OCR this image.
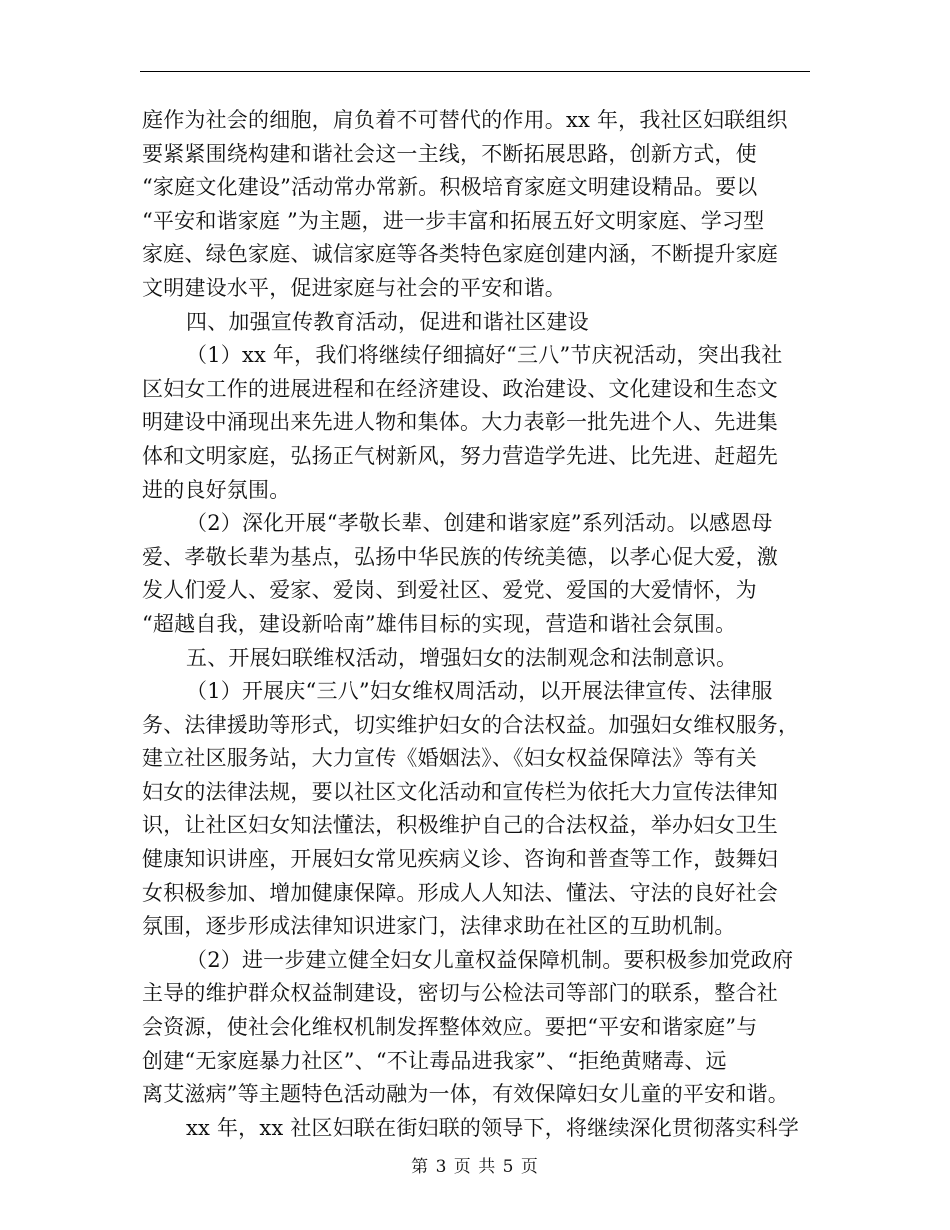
庭作为社会的细胞，肩负着不可替代的作用。xx 年，我社区妇联组织
要紧紧围绕构建和谐社会这一主线，不断拓展思路，创新方式，使
“家庭文化建设”活动常办常新。积极培育家庭文明建设精品。要以
“平安和谐家庭 ”为主题，进一步丰富和拓展五好文明家庭、学习型
家庭、绿色家庭、诚信家庭等各类特色家庭创建内涵，不断提升家庭
文明建设水平，促进家庭与社会的平安和谐。
四、加强宣传教育活动，促进和谐社区建设
（1）xx 年，我们将继续仔细搞好“三八”节庆祝活动，突出我社
区妇女工作的进展进程和在经济建设、政治建设、文化建设和生态文
明建设中涌现出来先进人物和集体。大力表彰一批先进个人、先进集
体和文明家庭，弘扬正气树新风，努力营造学先进、比先进、赶超先
进的良好氛围。
（2）深化开展“孝敬长辈、创建和谐家庭”系列活动。以感恩母
爱、孝敬长辈为基点，弘扬中华民族的传统美德，以孝心促大爱，激
发人们爱人、爱家、爱岗、到爱社区、爱党、爱国的大爱情怀，为
“超越自我，建设新哈南”雄伟目标的实现，营造和谐社会氛围。
五、开展妇联维权活动，增强妇女的法制观念和法制意识。
（1）开展庆“三八”妇女维权周活动，以开展法律宣传、法律服
务、法律援助等形式，切实维护妇女的合法权益。加强妇女维权服务，
建立社区服务站，大力宣传《婚姻法》、《妇女权益保障法》等有关
妇女的法律法规，要以社区文化活动和宣传栏为依托大力宣传法律知
识，让社区妇女知法懂法，积极维护自己的合法权益，举办妇女卫生
健康知识讲座，开展妇女常见疾病义诊、咨询和普查等工作，鼓舞妇
女积极参加、增加健康保障。形成人人知法、懂法、守法的良好社会
氛围，逐步形成法律知识进家门，法律求助在社区的互助机制。
（2）进一步建立健全妇女儿童权益保障机制。要积极参加党政府
主导的维护群众权益制建设，密切与公检法司等部门的联系，整合社
会资源，使社会化维权机制发挥整体效应。要把“平安和谐家庭”与
创建“无家庭暴力社区”、“不让毒品进我家”、“拒绝黄赌毒、远
离艾滋病”等主题特色活动融为一体，有效保障妇女儿童的平安和谐。
xx 年，xx 社区妇联在街妇联的领导下，将继续深化贯彻落实科学
第 3 页 共 5 页
